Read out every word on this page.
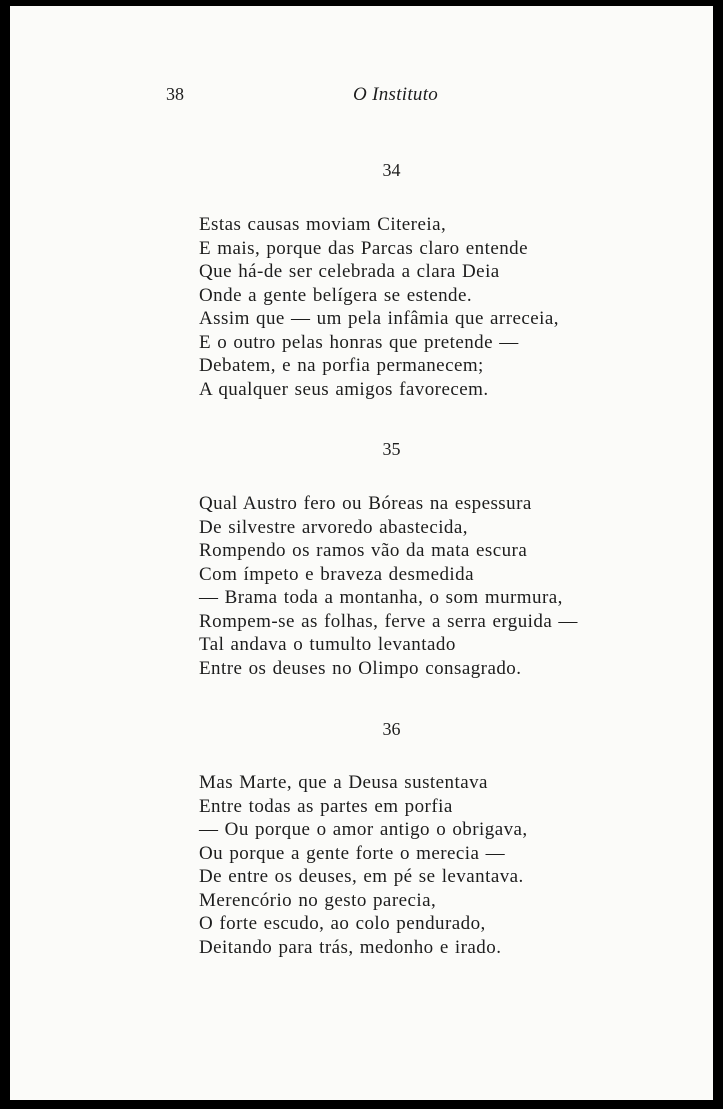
38	O Instituto
34
Estas causas moviam Citereia,
E mais, porque das Parcas claro entende
Que há-de ser celebrada a clara Deia
Onde a gente belígera se estende.
Assim que — um pela infâmia que arreceia,
E o outro pelas honras que pretende —
Debatem, e na porfia permanecem;
A qualquer seus amigos favorecem.
35
Qual Austro fero ou Bóreas na espessura
De silvestre arvoredo abastecida,
Rompendo os ramos vão da mata escura
Com ímpeto e braveza desmedida
— Brama toda a montanha, o som murmura,
Rompem-se as folhas, ferve a serra erguida —
Tal andava o tumulto levantado
Entre os deuses no Olimpo consagrado.
36
Mas Marte, que a Deusa sustentava
Entre todas as partes em porfia
— Ou porque o amor antigo o obrigava,
Ou porque a gente forte o merecia —
De entre os deuses, em pé se levantava.
Merencório no gesto parecia,
O forte escudo, ao colo pendurado,
Deitando para trás, medonho e irado.
